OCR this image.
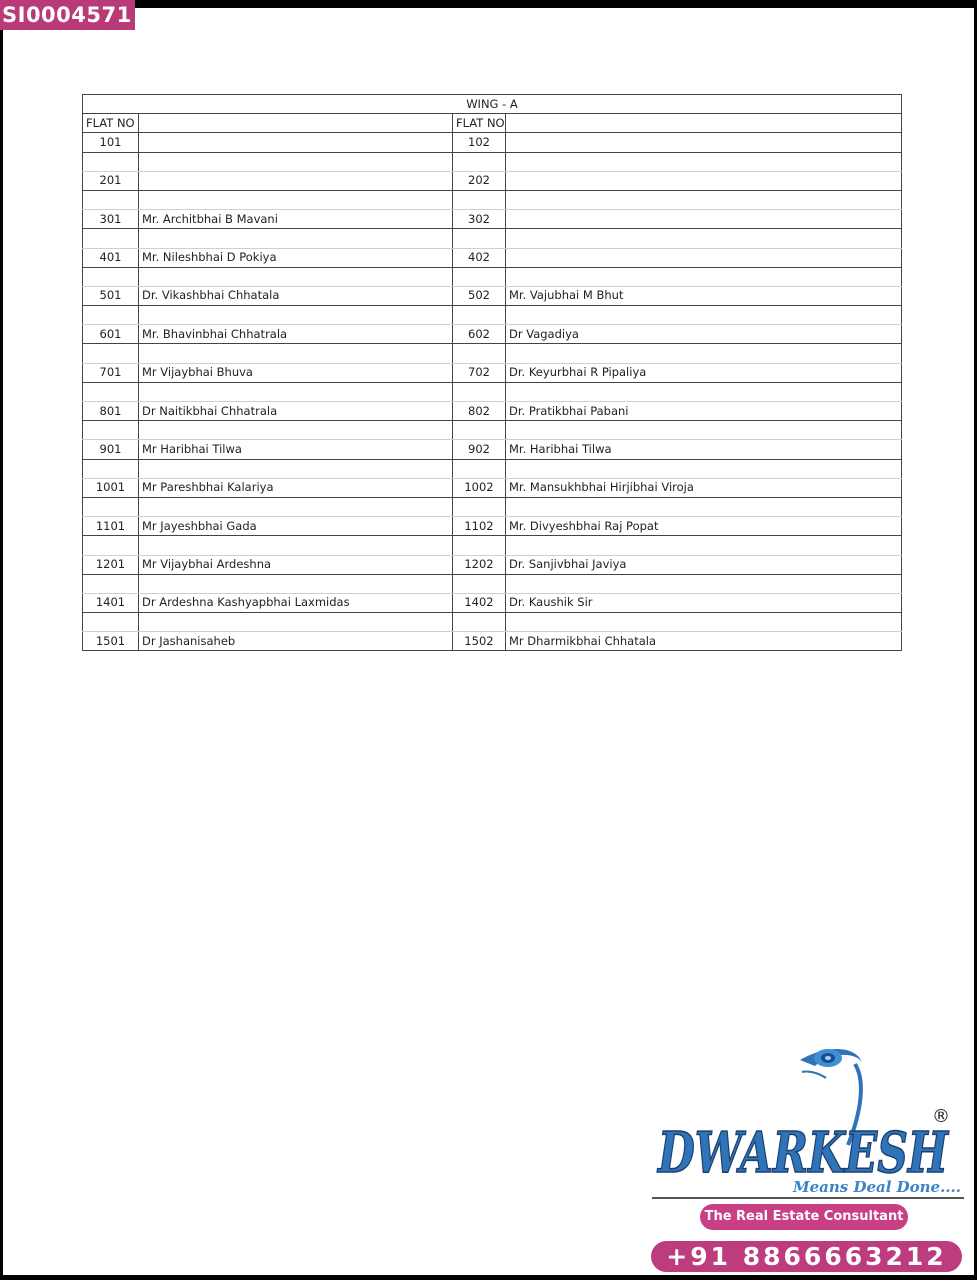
SI0004571
WING - A			
FLAT NO		FLAT NO	
101		102	

201		202	

301	Mr. Architbhai B Mavani	302	

401	Mr. Nileshbhai D Pokiya	402	

501	Dr. Vikashbhai Chhatala	502	Mr. Vajubhai M Bhut

601	Mr. Bhavinbhai Chhatrala	602	Dr Vagadiya

701	Mr Vijaybhai Bhuva	702	Dr. Keyurbhai R Pipaliya

801	Dr Naitikbhai Chhatrala	802	Dr. Pratikbhai Pabani

901	Mr Haribhai Tilwa	902	Mr. Haribhai Tilwa

1001	Mr Pareshbhai Kalariya	1002	Mr. Mansukhbhai Hirjibhai Viroja

1101	Mr Jayeshbhai Gada	1102	Mr. Divyeshbhai Raj Popat

1201	Mr Vijaybhai Ardeshna	1202	Dr. Sanjivbhai Javiya

1401	Dr Ardeshna Kashyapbhai Laxmidas	1402	Dr. Kaushik Sir

1501	Dr Jashanisaheb	1502	Mr Dharmikbhai Chhatala
DWARKESH
®
Means Deal Done....
The Real Estate Consultant
+91 8866663212
